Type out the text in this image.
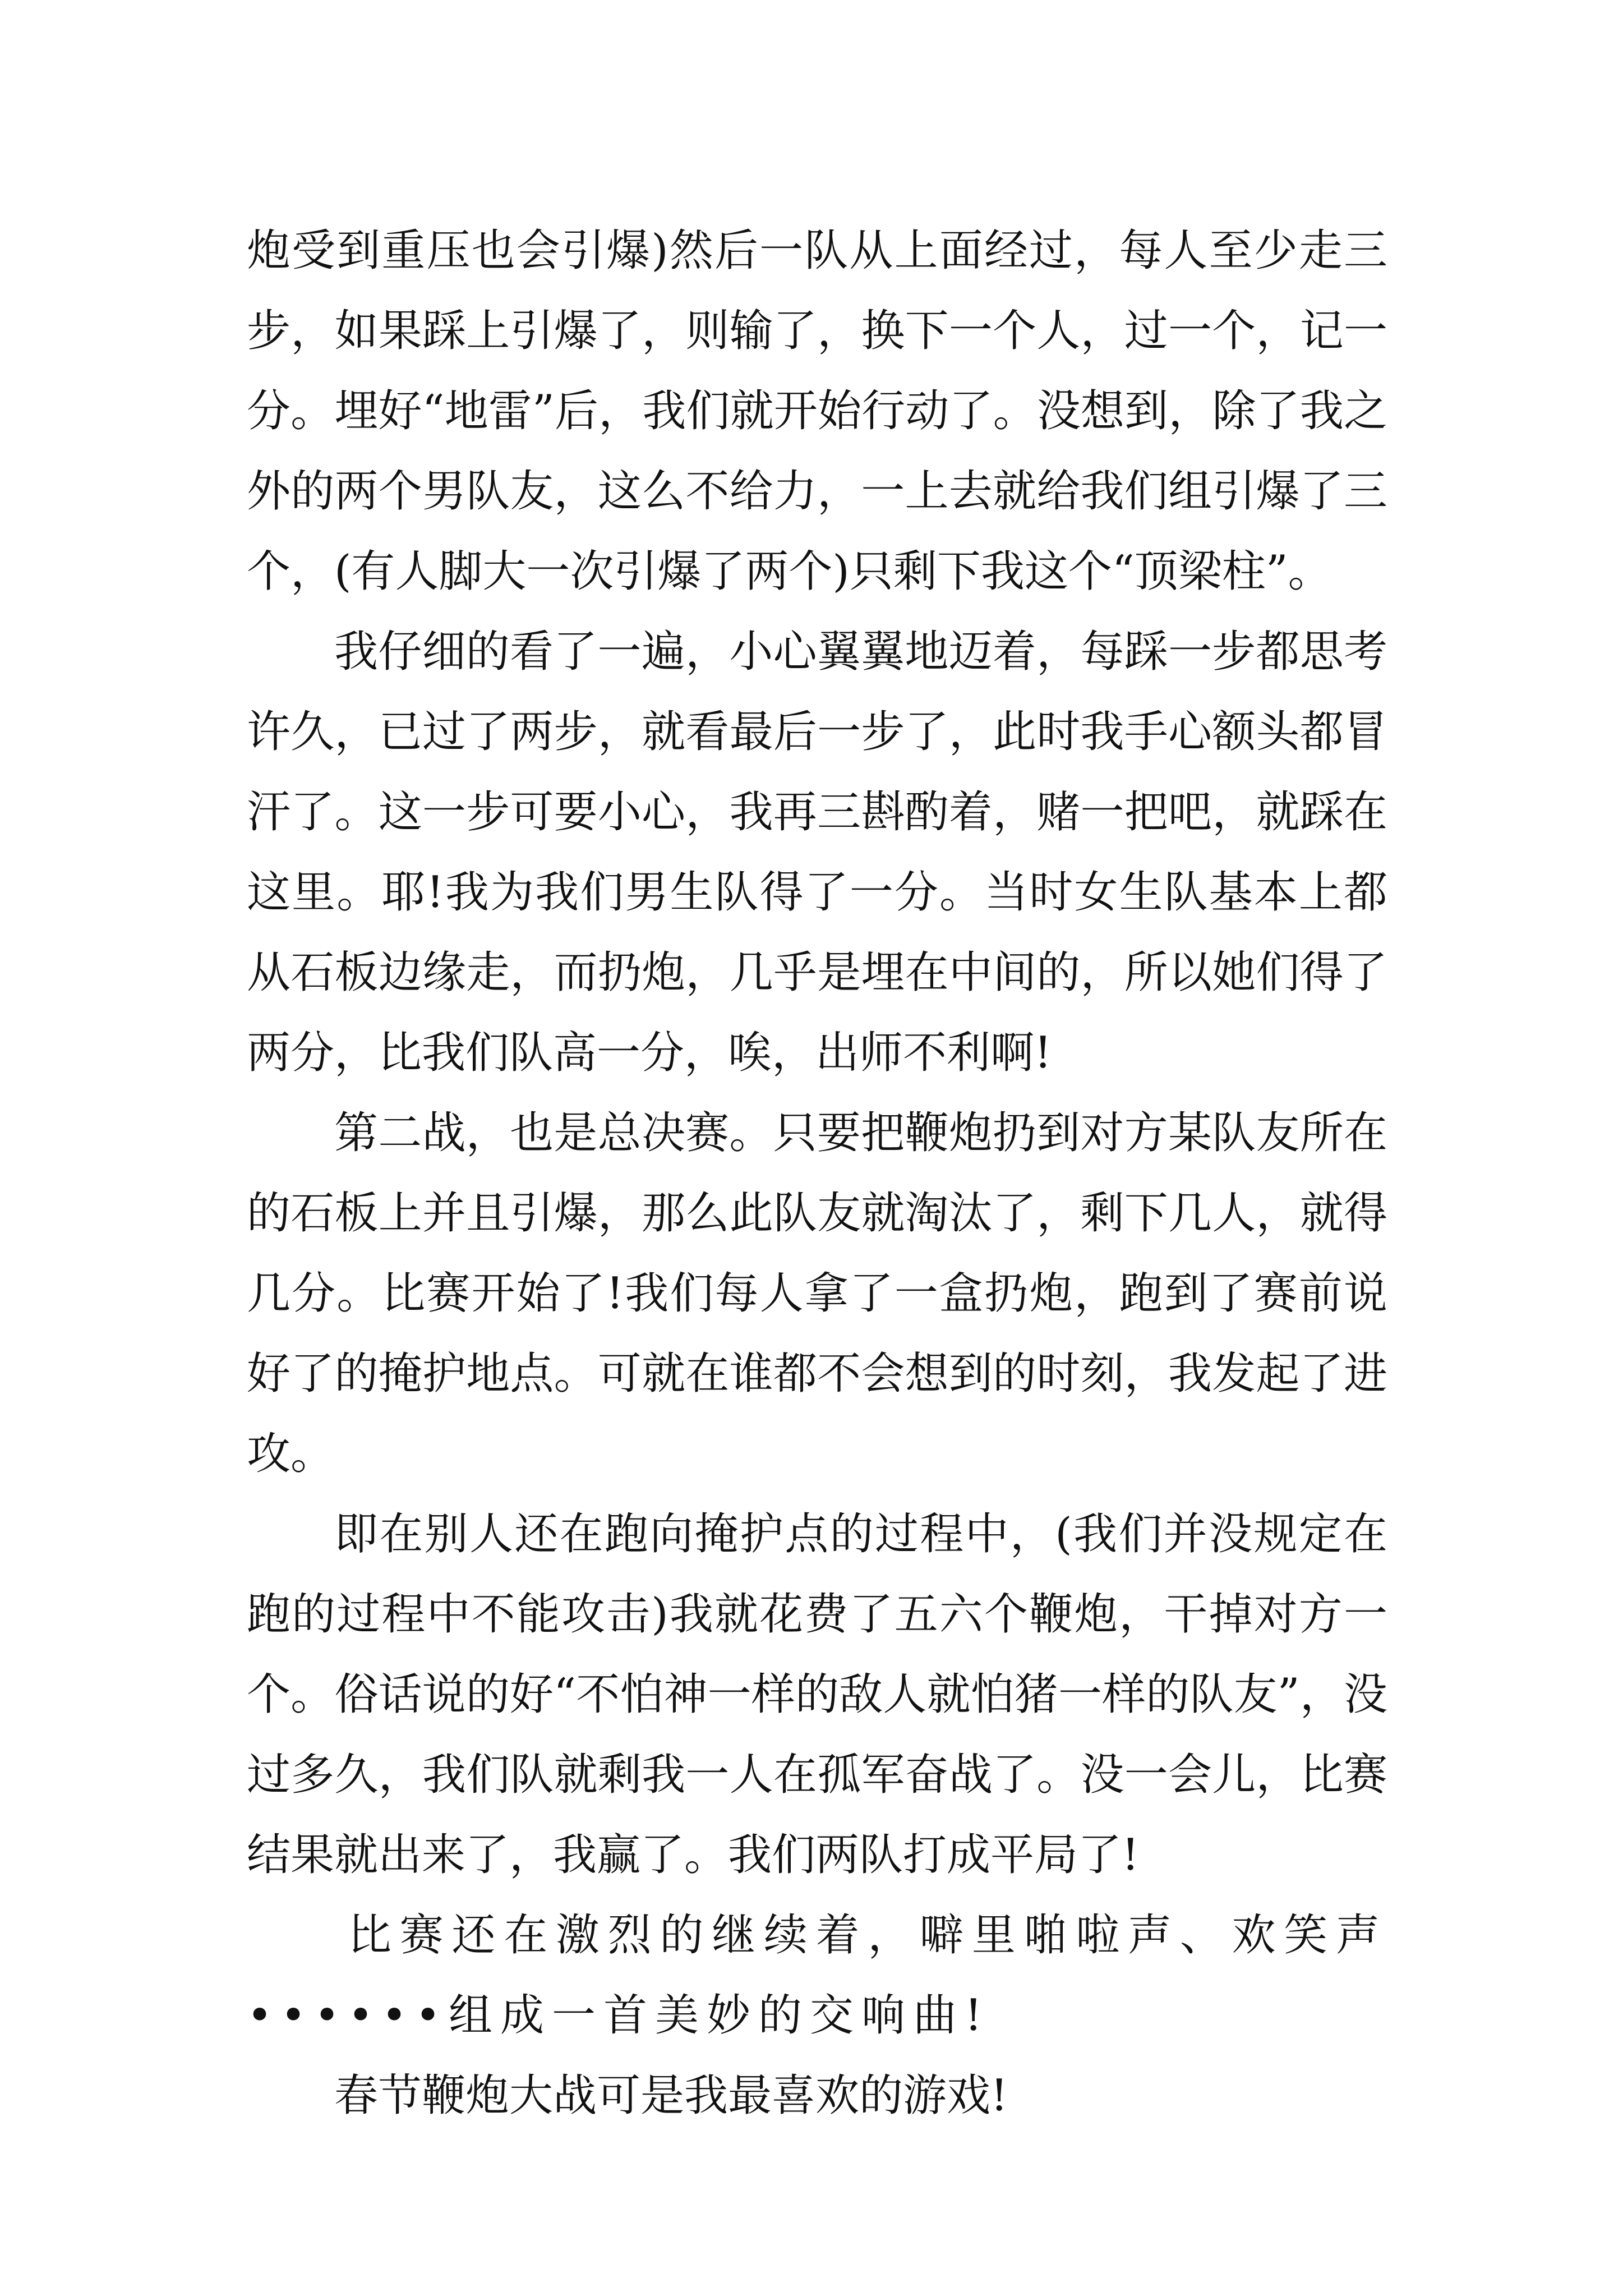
炮受到重压也会引爆)然后一队从上面经过，每人至少走三步，如果踩上引爆了，则输了，换下一个人，过一个，记一分。埋好“地雷”后，我们就开始行动了。没想到，除了我之外的两个男队友，这么不给力，一上去就给我们组引爆了三个，(有人脚大一次引爆了两个)只剩下我这个“顶梁柱”。

我仔细的看了一遍，小心翼翼地迈着，每踩一步都思考许久，已过了两步，就看最后一步了，此时我手心额头都冒汗了。这一步可要小心，我再三斟酌着，赌一把吧，就踩在这里。耶!我为我们男生队得了一分。当时女生队基本上都从石板边缘走，而扔炮，几乎是埋在中间的，所以她们得了两分，比我们队高一分，唉，出师不利啊!

第二战，也是总决赛。只要把鞭炮扔到对方某队友所在的石板上并且引爆，那么此队友就淘汰了，剩下几人，就得几分。比赛开始了!我们每人拿了一盒扔炮，跑到了赛前说好了的掩护地点。可就在谁都不会想到的时刻，我发起了进攻。

即在别人还在跑向掩护点的过程中，(我们并没规定在跑的过程中不能攻击)我就花费了五六个鞭炮，干掉对方一个。俗话说的好“不怕神一样的敌人就怕猪一样的队友”，没过多久，我们队就剩我一人在孤军奋战了。没一会儿，比赛结果就出来了，我赢了。我们两队打成平局了!

比赛还在激烈的继续着，噼里啪啦声、欢笑声••••••组成一首美妙的交响曲!

春节鞭炮大战可是我最喜欢的游戏!
